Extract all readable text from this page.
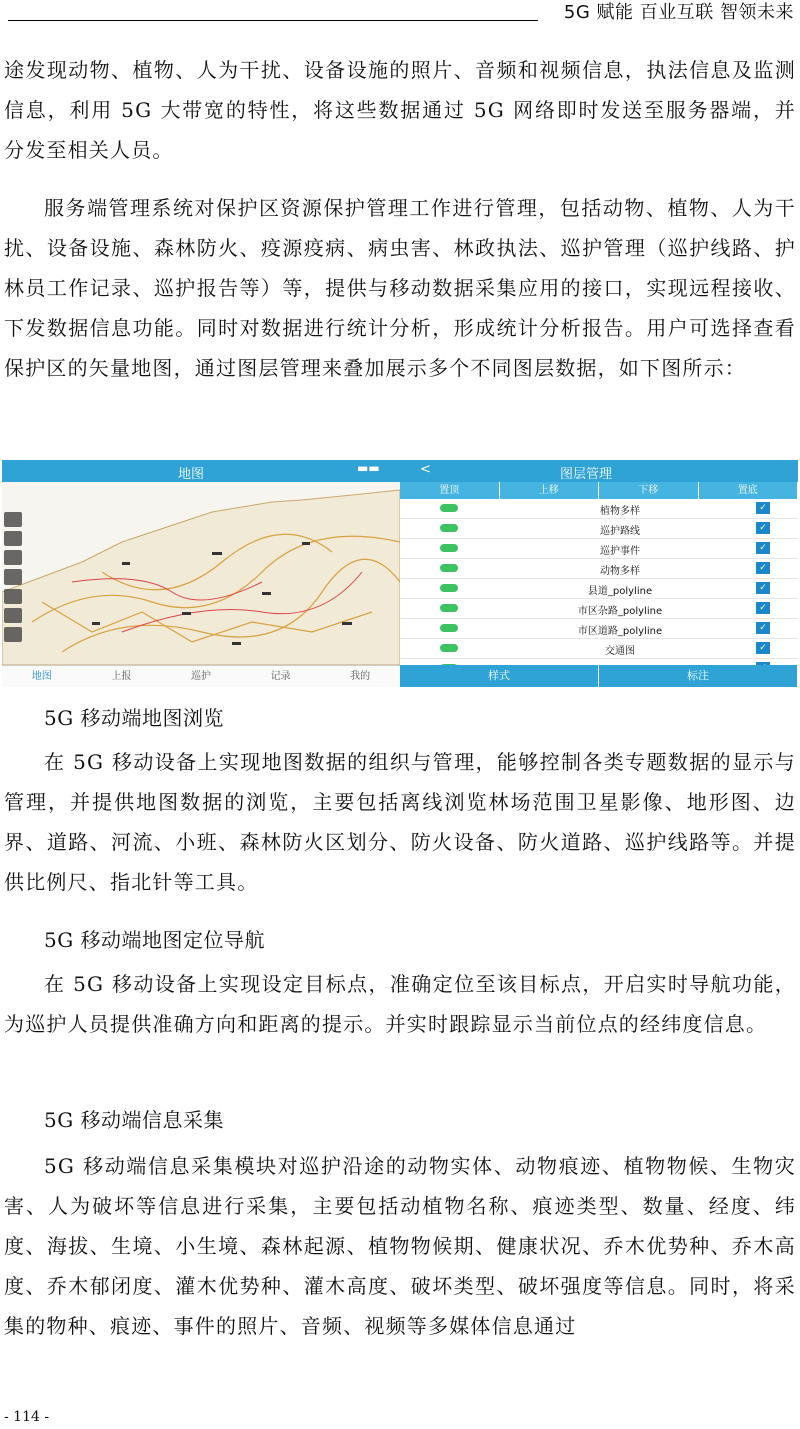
5G 赋能 百业互联 智领未来

途发现动物、植物、人为干扰、设备设施的照片、音频和视频信息，执法信息及监测信息，利用 5G 大带宽的特性，将这些数据通过 5G 网络即时发送至服务器端，并分发至相关人员。

服务端管理系统对保护区资源保护管理工作进行管理，包括动物、植物、人为干扰、设备设施、森林防火、疫源疫病、病虫害、林政执法、巡护管理（巡护线路、护林员工作记录、巡护报告等）等，提供与移动数据采集应用的接口，实现远程接收、下发数据信息功能。同时对数据进行统计分析，形成统计分析报告。用户可选择查看保护区的矢量地图，通过图层管理来叠加展示多个不同图层数据，如下图所示：

地图	▬▬
地图	上报	巡护	记录	我的
<	图层管理
置顶	上移	下移	置底
植物多样	✓
巡护路线	✓
巡护事件	✓
动物多样	✓
县道_polyline	✓
市区杂路_polyline	✓
市区道路_polyline	✓
交通图	✓
样式	标注

5G 移动端地图浏览

在 5G 移动设备上实现地图数据的组织与管理，能够控制各类专题数据的显示与管理，并提供地图数据的浏览，主要包括离线浏览林场范围卫星影像、地形图、边界、道路、河流、小班、森林防火区划分、防火设备、防火道路、巡护线路等。并提供比例尺、指北针等工具。

5G 移动端地图定位导航

在 5G 移动设备上实现设定目标点，准确定位至该目标点，开启实时导航功能，为巡护人员提供准确方向和距离的提示。并实时跟踪显示当前位点的经纬度信息。

5G 移动端信息采集

5G 移动端信息采集模块对巡护沿途的动物实体、动物痕迹、植物物候、生物灾害、人为破坏等信息进行采集，主要包括动植物名称、痕迹类型、数量、经度、纬度、海拔、生境、小生境、森林起源、植物物候期、健康状况、乔木优势种、乔木高度、乔木郁闭度、灌木优势种、灌木高度、破坏类型、破坏强度等信息。同时，将采集的物种、痕迹、事件的照片、音频、视频等多媒体信息通过

- 114 -
